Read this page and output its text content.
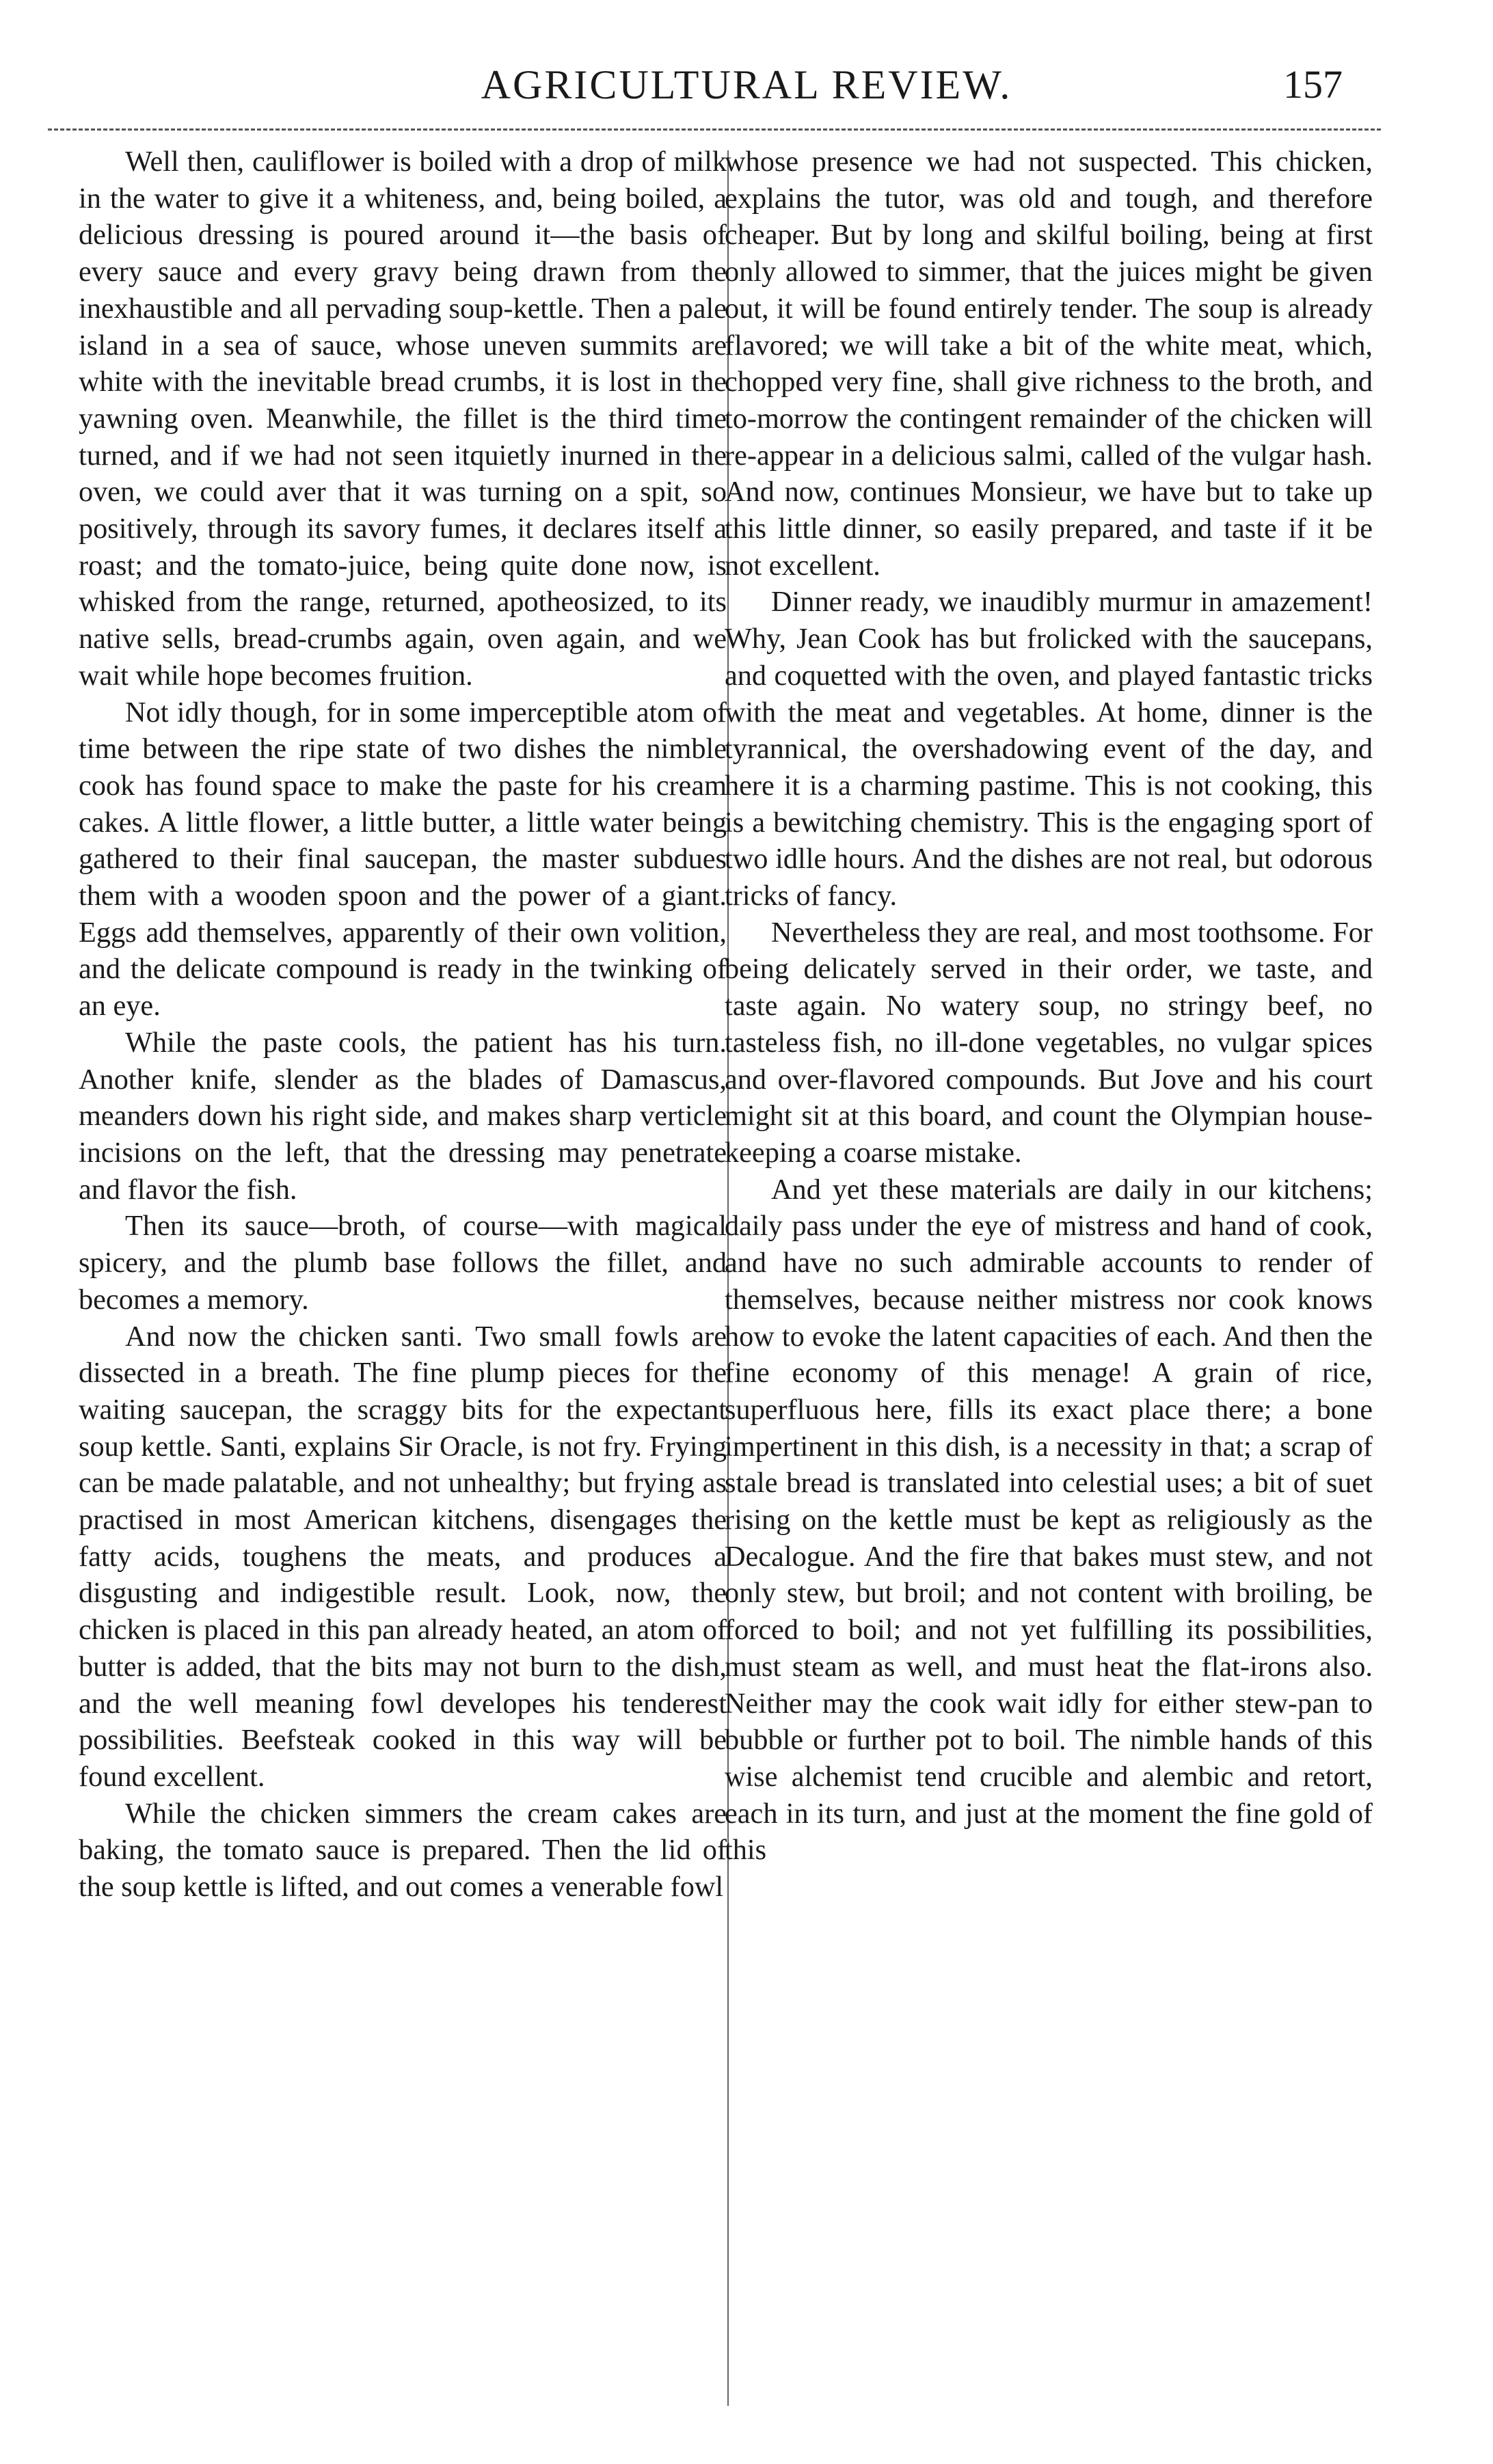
AGRICULTURAL REVIEW.	157

Well then, cauliflower is boiled with a drop of milk in the water to give it a whiteness, and, being boiled, a delicious dressing is poured around it—the basis of every sauce and every gravy being drawn from the inexhaustible and all pervading soup-kettle. Then a pale island in a sea of sauce, whose uneven summits are white with the inevitable bread crumbs, it is lost in the yawning oven. Meanwhile, the fillet is the third time turned, and if we had not seen itquietly inurned in the oven, we could aver that it was turning on a spit, so positively, through its savory fumes, it declares itself a roast; and the tomato-juice, being quite done now, is whisked from the range, returned, apotheosized, to its native sells, bread-crumbs again, oven again, and we wait while hope becomes fruition.

Not idly though, for in some imperceptible atom of time between the ripe state of two dishes the nimble cook has found space to make the paste for his cream cakes. A little flower, a little butter, a little water being gathered to their final saucepan, the master subdues them with a wooden spoon and the power of a giant. Eggs add themselves, apparently of their own volition, and the delicate compound is ready in the twinking of an eye.

While the paste cools, the patient has his turn. Another knife, slender as the blades of Damascus, meanders down his right side, and makes sharp verticle incisions on the left, that the dressing may penetrate and flavor the fish.

Then its sauce—broth, of course—with magical spicery, and the plumb base follows the fillet, and becomes a memory.

And now the chicken santi. Two small fowls are dissected in a breath. The fine plump pieces for the waiting saucepan, the scraggy bits for the expectant soup kettle. Santi, explains Sir Oracle, is not fry. Frying can be made palatable, and not unhealthy; but frying as practised in most American kitchens, disengages the fatty acids, toughens the meats, and produces a disgusting and indigestible result. Look, now, the chicken is placed in this pan already heated, an atom of butter is added, that the bits may not burn to the dish, and the well meaning fowl developes his tenderest possibilities. Beefsteak cooked in this way will be found excellent.

While the chicken simmers the cream cakes are baking, the tomato sauce is prepared. Then the lid of the soup kettle is lifted, and out comes a venerable fowl

whose presence we had not suspected. This chicken, explains the tutor, was old and tough, and therefore cheaper. But by long and skilful boiling, being at first only allowed to simmer, that the juices might be given out, it will be found entirely tender. The soup is already flavored; we will take a bit of the white meat, which, chopped very fine, shall give richness to the broth, and to-morrow the contingent remainder of the chicken will re-appear in a delicious salmi, called of the vulgar hash. And now, continues Monsieur, we have but to take up this little dinner, so easily prepared, and taste if it be not excellent.

Dinner ready, we inaudibly murmur in amazement! Why, Jean Cook has but frolicked with the saucepans, and coquetted with the oven, and played fantastic tricks with the meat and vegetables. At home, dinner is the tyrannical, the overshadowing event of the day, and here it is a charming pastime. This is not cooking, this is a bewitching chemistry. This is the engaging sport of two idlle hours. And the dishes are not real, but odorous tricks of fancy.

Nevertheless they are real, and most toothsome. For being delicately served in their order, we taste, and taste again. No watery soup, no stringy beef, no tasteless fish, no ill-done vegetables, no vulgar spices and over-flavored compounds. But Jove and his court might sit at this board, and count the Olympian house-keeping a coarse mistake.

And yet these materials are daily in our kitchens; daily pass under the eye of mistress and hand of cook, and have no such admirable accounts to render of themselves, because neither mistress nor cook knows how to evoke the latent capacities of each. And then the fine economy of this menage! A grain of rice, superfluous here, fills its exact place there; a bone impertinent in this dish, is a necessity in that; a scrap of stale bread is translated into celestial uses; a bit of suet rising on the kettle must be kept as religiously as the Decalogue. And the fire that bakes must stew, and not only stew, but broil; and not content with broiling, be forced to boil; and not yet fulfilling its possibilities, must steam as well, and must heat the flat-irons also. Neither may the cook wait idly for either stew-pan to bubble or further pot to boil. The nimble hands of this wise alchemist tend crucible and alembic and retort, each in its turn, and just at the moment the fine gold of this
